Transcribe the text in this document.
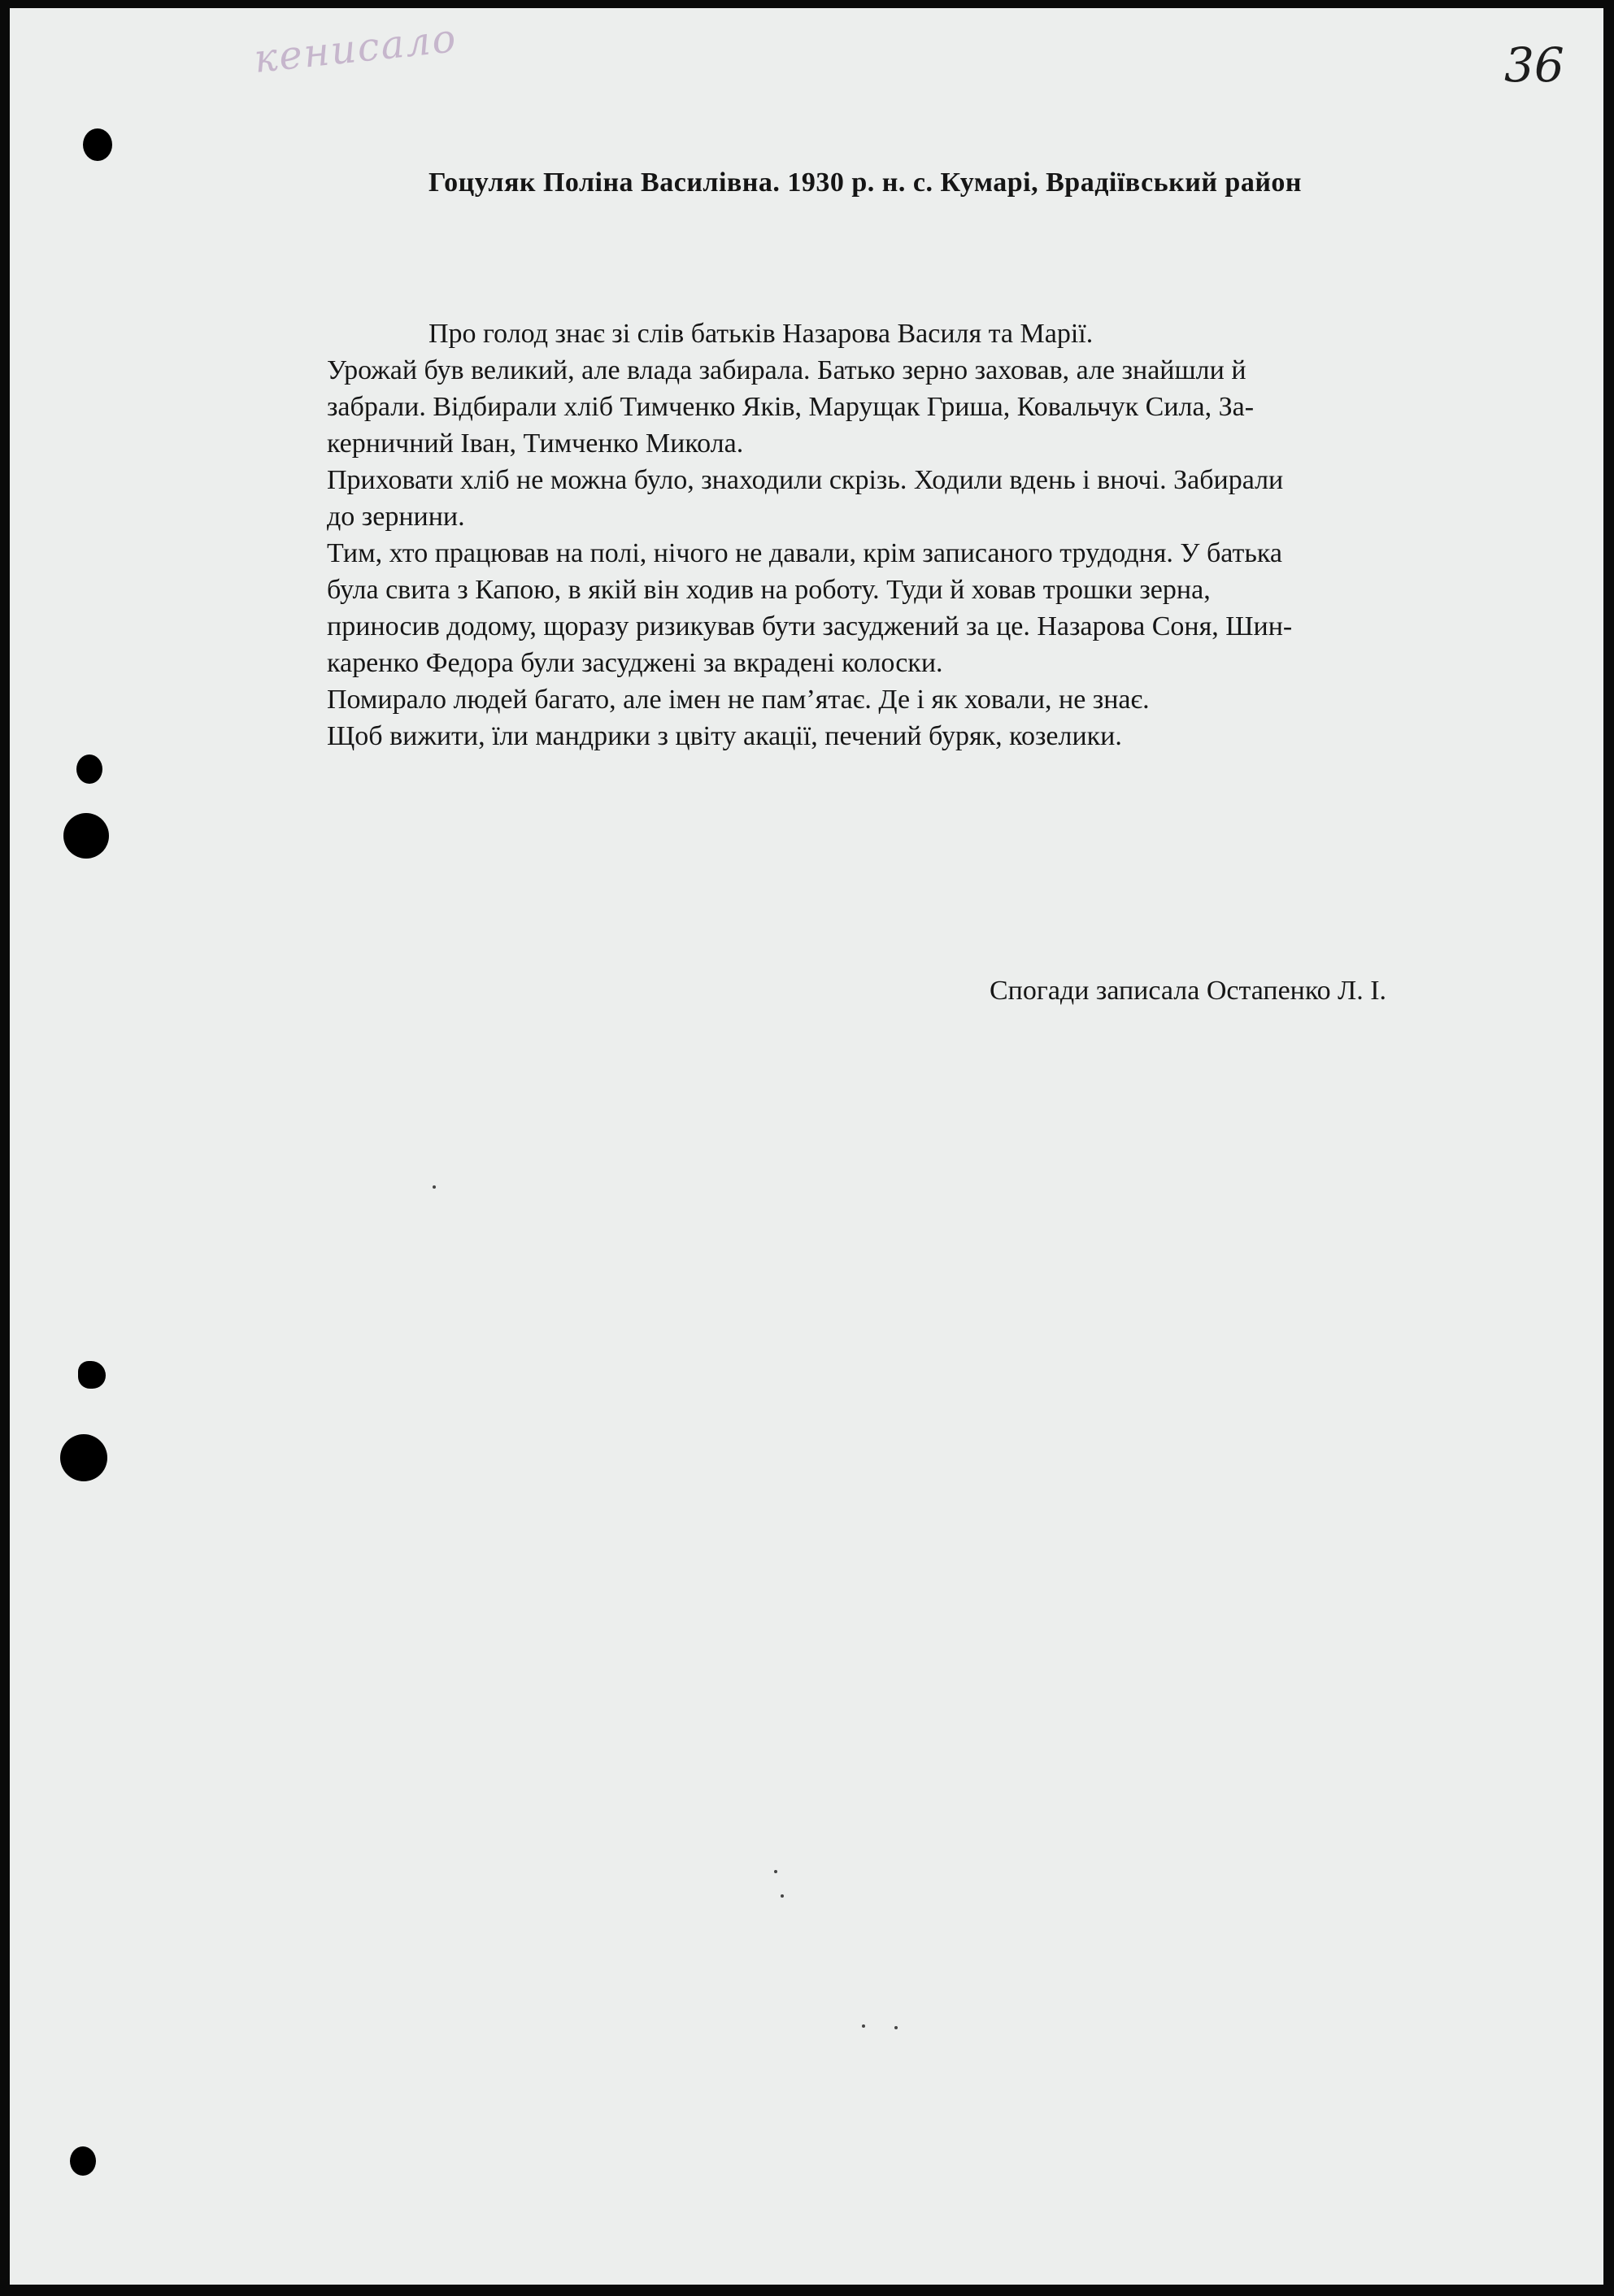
кенисало	36
Гоцуляк Поліна Василівна. 1930 р. н. с. Кумарі, Врадіївський район

Про голод знає зі слів батьків Назарова Василя та Марії.

Урожай був великий, але влада забирала. Батько зерно заховав, але знайшли й

забрали. Відбирали хліб Тимченко Яків, Марущак Гриша, Ковальчук Сила, За-

керничний Іван, Тимченко Микола.

Приховати хліб не можна було, знаходили скрізь. Ходили вдень і вночі. Забирали

до зернини.

Тим, хто працював на полі, нічого не давали, крім записаного трудодня. У батька

була свита з Капою, в якій він ходив на роботу. Туди й ховав трошки зерна,

приносив додому, щоразу ризикував бути засуджений за це. Назарова Соня, Шин-

каренко Федора були засуджені за вкрадені колоски.

Помирало людей багато, але імен не пам’ятає. Де і як ховали, не знає.

Щоб вижити, їли мандрики з цвіту акації, печений буряк, козелики.

Спогади записала Остапенко Л. І.
